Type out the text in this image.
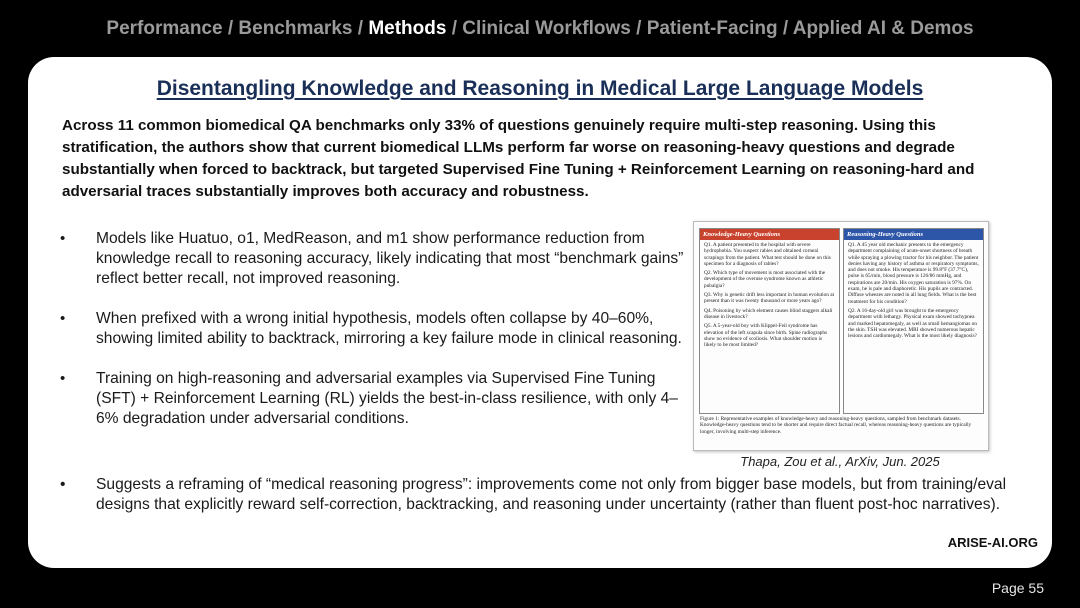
Performance / Benchmarks / Methods / Clinical Workflows / Patient-Facing / Applied AI & Demos
Disentangling Knowledge and Reasoning in Medical Large Language Models
Across 11 common biomedical QA benchmarks only 33% of questions genuinely require multi-step reasoning. Using this stratification, the authors show that current biomedical LLMs perform far worse on reasoning-heavy questions and degrade substantially when forced to backtrack, but targeted Supervised Fine Tuning + Reinforcement Learning on reasoning-hard and adversarial traces substantially improves both accuracy and robustness.
• Models like Huatuo, o1, MedReason, and m1 show performance reduction from knowledge recall to reasoning accuracy, likely indicating that most “benchmark gains” reflect better recall, not improved reasoning.
• When prefixed with a wrong initial hypothesis, models often collapse by 40–60%, showing limited ability to backtrack, mirroring a key failure mode in clinical reasoning.
• Training on high-reasoning and adversarial examples via Supervised Fine Tuning (SFT) + Reinforcement Learning (RL) yields the best-in-class resilience, with only 4–6% degradation under adversarial conditions.
• Suggests a reframing of “medical reasoning progress”: improvements come not only from bigger base models, but from training/eval designs that explicitly reward self-correction, backtracking, and reasoning under uncertainty (rather than fluent post-hoc narratives).
Knowledge-Heavy Questions

Q1. A patient presented to the hospital with severe hydrophobia. You suspect rabies and obtained corneal scrapings from the patient. What test should be done on this specimen for a diagnosis of rabies?

Q2. Which type of movement is most associated with the development of the overuse syndrome known as athletic pubalgia?

Q3. Why is genetic drift less important in human evolution at present than it was twenty thousand or more years ago?

Q4. Poisoning by which element causes blind staggers alkali disease in livestock?

Q5. A 5-year-old boy with Klippel-Feil syndrome has elevation of the left scapula since birth. Spine radiographs show no evidence of scoliosis. What shoulder motion is likely to be most limited?

Reasoning-Heavy Questions

Q1. A 45 year old mechanic presents to the emergency department complaining of acute-onset shortness of breath while spraying a plowing tractor for his neighbor. The patient denies having any history of asthma or respiratory symptoms, and does not smoke. His temperature is 99.8°F (37.7°C), pulse is 65/min, blood pressure is 126/86 mmHg, and respirations are 20/min. His oxygen saturation is 97%. On exam, he is pale and diaphoretic. His pupils are contracted. Diffuse wheezes are noted in all lung fields. What is the best treatment for his condition?

Q2. A 16-day-old girl was brought to the emergency department with lethargy. Physical exam showed tachypnea and marked hepatomegaly, as well as small hemangiomas on the skin. TSH was elevated. MRI showed numerous hepatic lesions and cardiomegaly. What is the most likely diagnosis?

Figure 1: Representative examples of knowledge-heavy and reasoning-heavy questions, sampled from benchmark datasets. Knowledge-heavy questions tend to be shorter and require direct factual recall, whereas reasoning-heavy questions are typically longer, involving multi-step inference.
Thapa, Zou et al., ArXiv, Jun. 2025
ARISE-AI.ORG
Page 55
